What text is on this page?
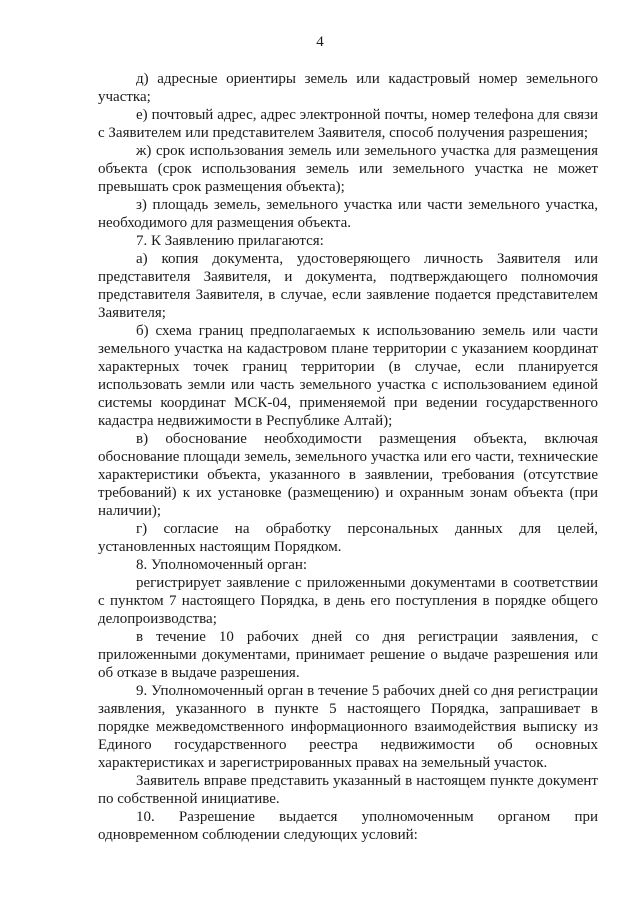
4

д) адресные ориентиры земель или кадастровый номер земельного участка;

е) почтовый адрес, адрес электронной почты, номер телефона для связи с Заявителем или представителем Заявителя, способ получения разрешения;

ж) срок использования земель или земельного участка для размещения объекта (срок использования земель или земельного участка не может превышать срок размещения объекта);

з) площадь земель, земельного участка или части земельного участка, необходимого для размещения объекта.

7. К Заявлению прилагаются:

а) копия документа, удостоверяющего личность Заявителя или представителя Заявителя, и документа, подтверждающего полномочия представителя Заявителя, в случае, если заявление подается представителем Заявителя;

б) схема границ предполагаемых к использованию земель или части земельного участка на кадастровом плане территории с указанием координат характерных точек границ территории (в случае, если планируется использовать земли или часть земельного участка с использованием единой системы координат МСК-04, применяемой при ведении государственного кадастра недвижимости в Республике Алтай);

в) обоснование необходимости размещения объекта, включая обоснование площади земель, земельного участка или его части, технические характеристики объекта, указанного в заявлении, требования (отсутствие требований) к их установке (размещению) и охранным зонам объекта (при наличии);

г) согласие на обработку персональных данных для целей, установленных настоящим Порядком.

8. Уполномоченный орган:

регистрирует заявление с приложенными документами в соответствии с пунктом 7 настоящего Порядка, в день его поступления в порядке общего делопроизводства;

в течение 10 рабочих дней со дня регистрации заявления, с приложенными документами, принимает решение о выдаче разрешения или об отказе в выдаче разрешения.

9. Уполномоченный орган в течение 5 рабочих дней со дня регистрации заявления, указанного в пункте 5 настоящего Порядка, запрашивает в порядке межведомственного информационного взаимодействия выписку из Единого государственного реестра недвижимости об основных характеристиках и зарегистрированных правах на земельный участок.

Заявитель вправе представить указанный в настоящем пункте документ по собственной инициативе.

10. Разрешение выдается уполномоченным органом при одновременном соблюдении следующих условий:
